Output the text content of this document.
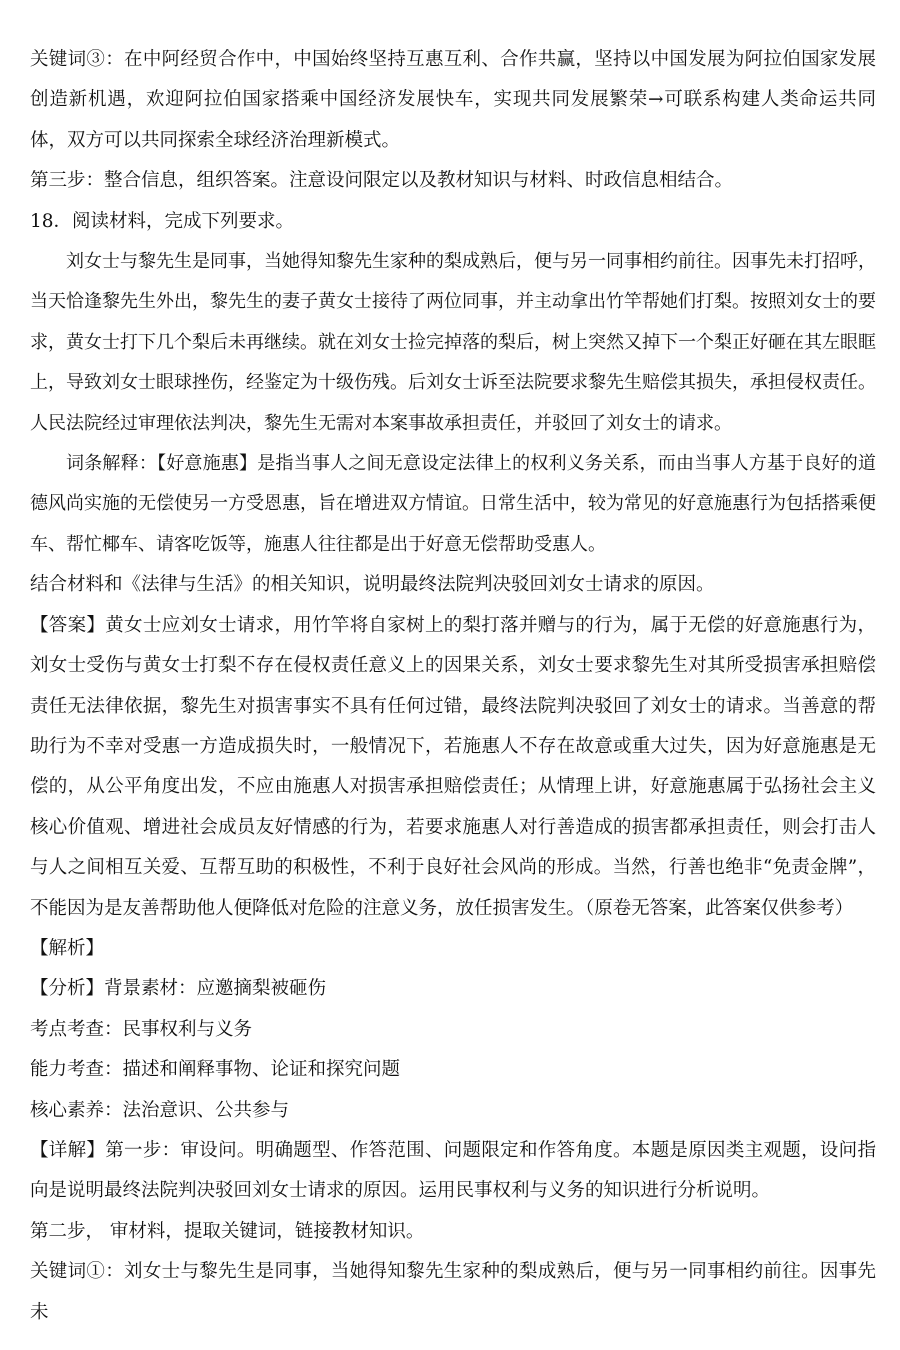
关键词③：在中阿经贸合作中，中国始终坚持互惠互利、合作共赢，坚持以中国发展为阿拉伯国家发展创造新机遇，欢迎阿拉伯国家搭乘中国经济发展快车，实现共同发展繁荣→可联系构建人类命运共同体，双方可以共同探索全球经济治理新模式。

第三步：整合信息，组织答案。注意设问限定以及教材知识与材料、时政信息相结合。

18．阅读材料，完成下列要求。

刘女士与黎先生是同事，当她得知黎先生家种的梨成熟后，便与另一同事相约前往。因事先未打招呼，当天恰逢黎先生外出，黎先生的妻子黄女士接待了两位同事，并主动拿出竹竿帮她们打梨。按照刘女士的要求，黄女士打下几个梨后未再继续。就在刘女士捡完掉落的梨后，树上突然又掉下一个梨正好砸在其左眼眶上，导致刘女士眼球挫伤，经鉴定为十级伤残。后刘女士诉至法院要求黎先生赔偿其损失，承担侵权责任。人民法院经过审理依法判决，黎先生无需对本案事故承担责任，并驳回了刘女士的请求。

词条解释：【好意施惠】是指当事人之间无意设定法律上的权利义务关系，而由当事人方基于良好的道德风尚实施的无偿使另一方受恩惠，旨在增进双方情谊。日常生活中，较为常见的好意施惠行为包括搭乘便车、帮忙椰车、请客吃饭等，施惠人往往都是出于好意无偿帮助受惠人。

结合材料和《法律与生活》的相关知识，说明最终法院判决驳回刘女士请求的原因。

【答案】黄女士应刘女士请求，用竹竿将自家树上的梨打落并赠与的行为，属于无偿的好意施惠行为，刘女士受伤与黄女士打梨不存在侵权责任意义上的因果关系，刘女士要求黎先生对其所受损害承担赔偿责任无法律依据，黎先生对损害事实不具有任何过错，最终法院判决驳回了刘女士的请求。当善意的帮助行为不幸对受惠一方造成损失时，一般情况下，若施惠人不存在故意或重大过失，因为好意施惠是无偿的，从公平角度出发，不应由施惠人对损害承担赔偿责任；从情理上讲，好意施惠属于弘扬社会主义核心价值观、增进社会成员友好情感的行为，若要求施惠人对行善造成的损害都承担责任，则会打击人与人之间相互关爱、互帮互助的积极性，不利于良好社会风尚的形成。当然，行善也绝非“免责金牌”，不能因为是友善帮助他人便降低对危险的注意义务，放任损害发生。（原卷无答案，此答案仅供参考）

【解析】

【分析】背景素材：应邀摘梨被砸伤

考点考查：民事权利与义务

能力考查：描述和阐释事物、论证和探究问题

核心素养：法治意识、公共参与

【详解】第一步：审设问。明确题型、作答范围、问题限定和作答角度。本题是原因类主观题，设问指向是说明最终法院判决驳回刘女士请求的原因。运用民事权利与义务的知识进行分析说明。

第二步， 审材料，提取关键词，链接教材知识。

关键词①：刘女士与黎先生是同事，当她得知黎先生家种的梨成熟后，便与另一同事相约前往。因事先未
